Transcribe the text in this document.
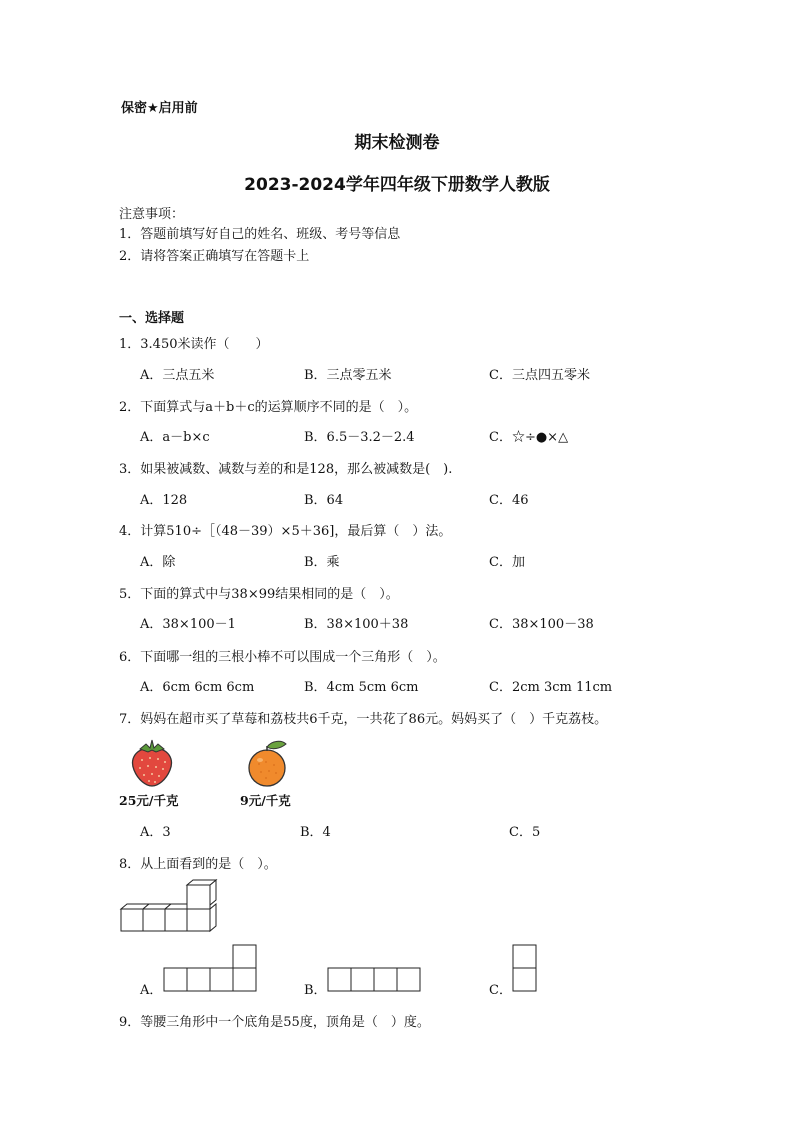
保密★启用前
期末检测卷
2023-2024学年四年级下册数学人教版
注意事项：
1．答题前填写好自己的姓名、班级、考号等信息
2．请将答案正确填写在答题卡上
一、选择题
1．3.450米读作（　　）
A．三点五米	B．三点零五米	C．三点四五零米
2．下面算式与a＋b＋c的运算顺序不同的是（　）。
A．a－b×c	B．6.5－3.2－2.4	C．☆÷●×△
3．如果被减数、减数与差的和是128，那么被减数是(　).
A．128	B．64	C．46
4．计算510÷［（48－39）×5＋36]，最后算（　）法。
A．除	B．乘	C．加
5．下面的算式中与38×99结果相同的是（　）。
A．38×100－1	B．38×100＋38	C．38×100－38
6．下面哪一组的三根小棒不可以围成一个三角形（　）。
A．6cm 6cm 6cm	B．4cm 5cm 6cm	C．2cm 3cm 11cm
7．妈妈在超市买了草莓和荔枝共6千克，一共花了86元。妈妈买了（　）千克荔枝。
25元/千克	9元/千克
A．3	B．4	C．5
8．从上面看到的是（　）。
A．	B．	C．
9．等腰三角形中一个底角是55度，顶角是（　）度。
